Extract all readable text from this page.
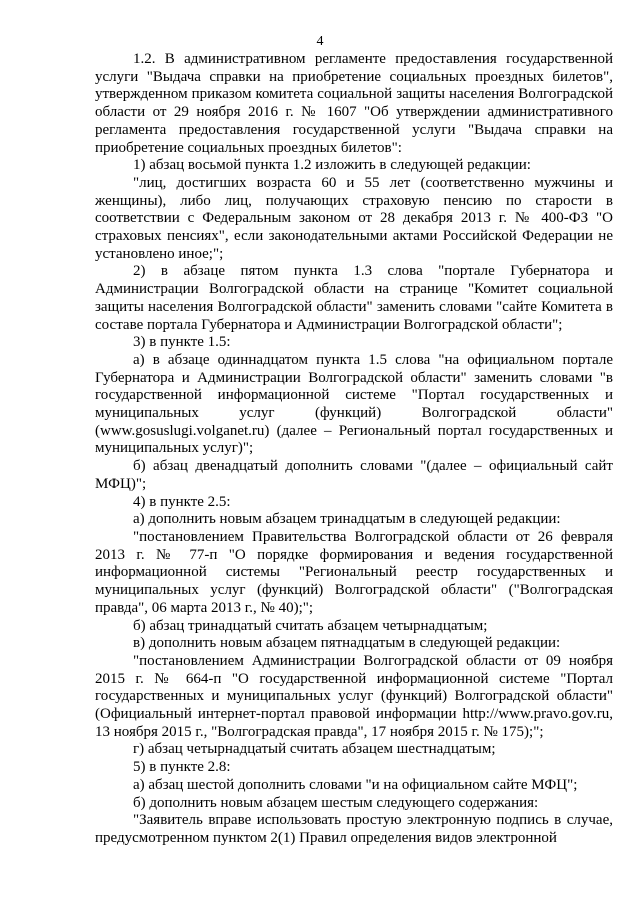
4

1.2. В административном регламенте предоставления государственной услуги "Выдача справки на приобретение социальных проездных билетов", утвержденном приказом комитета социальной защиты населения Волгоградской области от 29 ноября 2016 г. № 1607 "Об утверждении административного регламента предоставления государственной услуги "Выдача справки на приобретение социальных проездных билетов":

1) абзац восьмой пункта 1.2 изложить в следующей редакции:

"лиц, достигших возраста 60 и 55 лет (соответственно мужчины и женщины), либо лиц, получающих страховую пенсию по старости в соответствии с Федеральным законом от 28 декабря 2013 г. № 400-ФЗ "О страховых пенсиях", если законодательными актами Российской Федерации не установлено иное;";

2) в абзаце пятом пункта 1.3 слова "портале Губернатора и Администрации Волгоградской области на странице "Комитет социальной защиты населения Волгоградской области" заменить словами "сайте Комитета в составе портала Губернатора и Администрации Волгоградской области";

3) в пункте 1.5:

а) в абзаце одиннадцатом пункта 1.5 слова "на официальном портале Губернатора и Администрации Волгоградской области" заменить словами "в государственной информационной системе "Портал государственных и муниципальных услуг (функций) Волгоградской области" (www.gosuslugi.volganet.ru) (далее – Региональный портал государственных и муниципальных услуг)";

б) абзац двенадцатый дополнить словами "(далее – официальный сайт МФЦ)";

4) в пункте 2.5:

а) дополнить новым абзацем тринадцатым в следующей редакции:

"постановлением Правительства Волгоградской области от 26 февраля 2013 г. № 77-п "О порядке формирования и ведения государственной информационной системы "Региональный реестр государственных и муниципальных услуг (функций) Волгоградской области" ("Волгоградская правда", 06 марта 2013 г., № 40);";

б) абзац тринадцатый считать абзацем четырнадцатым;

в) дополнить новым абзацем пятнадцатым в следующей редакции:

"постановлением Администрации Волгоградской области от 09 ноября 2015 г. № 664-п "О государственной информационной системе "Портал государственных и муниципальных услуг (функций) Волгоградской области" (Официальный интернет-портал правовой информации http://www.pravo.gov.ru, 13 ноября 2015 г., "Волгоградская правда", 17 ноября 2015 г. № 175);";

г) абзац четырнадцатый считать абзацем шестнадцатым;

5) в пункте 2.8:

а) абзац шестой дополнить словами "и на официальном сайте МФЦ";

б) дополнить новым абзацем шестым следующего содержания:

"Заявитель вправе использовать простую электронную подпись в случае, предусмотренном пунктом 2(1) Правил определения видов электронной
